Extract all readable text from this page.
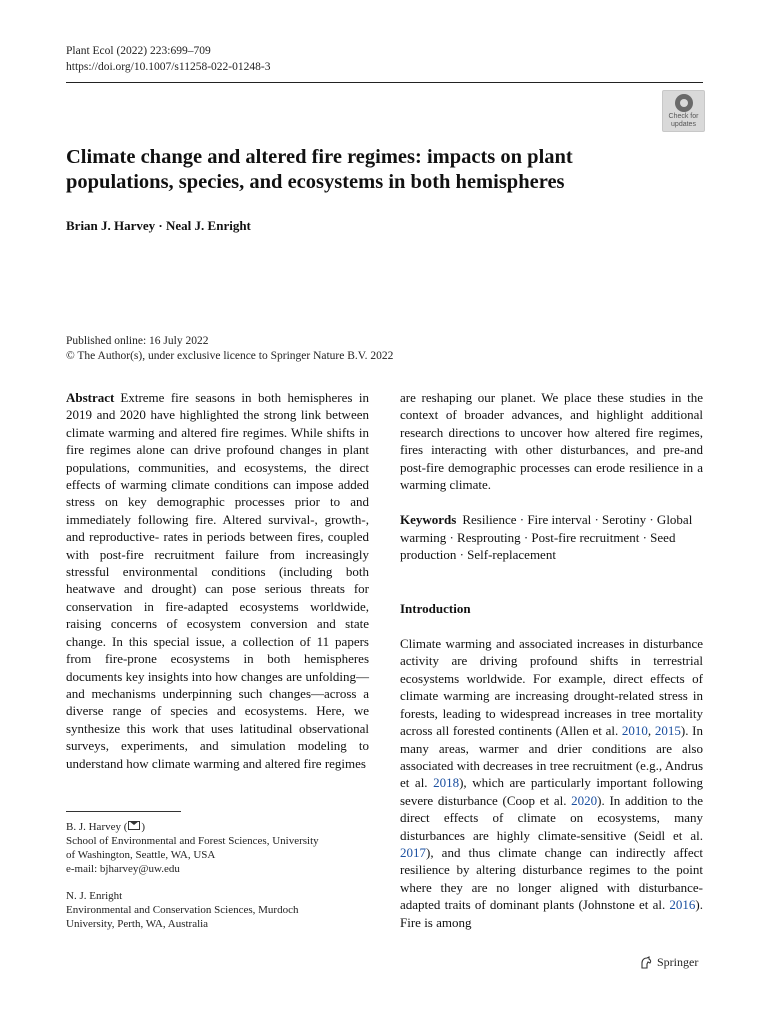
Plant Ecol (2022) 223:699–709
https://doi.org/10.1007/s11258-022-01248-3
Check for
updates
Climate change and altered fire regimes: impacts on plant
populations, species, and ecosystems in both hemispheres
Brian J. Harvey · Neal J. Enright
Published online: 16 July 2022
© The Author(s), under exclusive licence to Springer Nature B.V. 2022
Abstract Extreme fire seasons in both hemispheres in 2019 and 2020 have highlighted the strong link between climate warming and altered fire regimes. While shifts in fire regimes alone can drive profound changes in plant populations, communities, and ecosystems, the direct effects of warming climate conditions can impose added stress on key demographic processes prior to and immediately following fire. Altered survival-, growth-, and reproductive- rates in periods between fires, coupled with post-fire recruitment failure from increasingly stressful environmental conditions (including both heatwave and drought) can pose serious threats for conservation in fire-adapted ecosystems worldwide, raising concerns of ecosystem conversion and state change. In this special issue, a collection of 11 papers from fire-prone ecosystems in both hemispheres documents key insights into how changes are unfolding—and mechanisms underpinning such changes—across a diverse range of species and ecosystems. Here, we synthesize this work that uses latitudinal observational surveys, experiments, and simulation modeling to understand how climate warming and altered fire regimes
are reshaping our planet. We place these studies in the context of broader advances, and highlight additional research directions to uncover how altered fire regimes, fires interacting with other disturbances, and pre-and post-fire demographic processes can erode resilience in a warming climate.
Keywords Resilience · Fire interval · Serotiny · Global warming · Resprouting · Post-fire recruitment · Seed production · Self-replacement
Introduction
Climate warming and associated increases in disturbance activity are driving profound shifts in terrestrial ecosystems worldwide. For example, direct effects of climate warming are increasing drought-related stress in forests, leading to widespread increases in tree mortality across all forested continents (Allen et al. 2010, 2015). In many areas, warmer and drier conditions are also associated with decreases in tree recruitment (e.g., Andrus et al. 2018), which are particularly important following severe disturbance (Coop et al. 2020). In addition to the direct effects of climate on ecosystems, many disturbances are highly climate-sensitive (Seidl et al. 2017), and thus climate change can indirectly affect resilience by altering disturbance regimes to the point where they are no longer aligned with disturbance-adapted traits of dominant plants (Johnstone et al. 2016). Fire is among
B. J. Harvey ( )
School of Environmental and Forest Sciences, University
of Washington, Seattle, WA, USA
e-mail: bjharvey@uw.edu
N. J. Enright
Environmental and Conservation Sciences, Murdoch
University, Perth, WA, Australia
Springer
